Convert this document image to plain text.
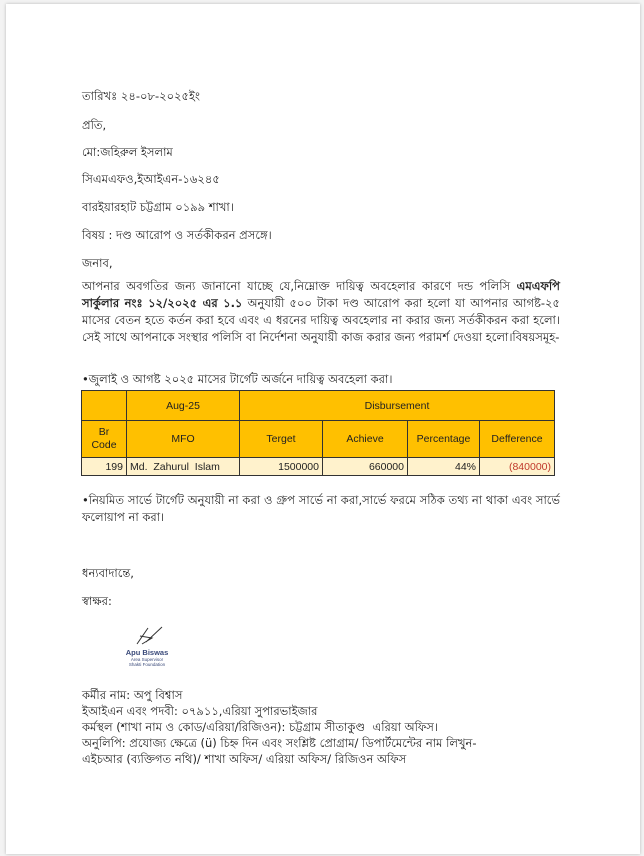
তারিখঃ ২৪-০৮-২০২৫ইং
প্রতি,
মো:জহিরুল ইসলাম
সিএমএফও,ইআইএন-১৬২৪৫
বারইয়ারহাট চট্টগ্রাম ০১৯৯ শাখা।
বিষয় : দণ্ড আরোপ ও সর্তকীকরন প্রসঙ্গে।
জনাব,
আপনার অবগতির জন্য জানানো যাচ্ছে যে,নিম্নোক্ত দায়িত্ব অবহেলার কারণে দন্ড পলিসি এমএফপি সার্কুলার নংঃ ১২/২০২৫ এর ১.১ অনুযায়ী ৫০০ টাকা দণ্ড আরোপ করা হলো যা আপনার আগষ্ট-২৫ মাসের বেতন হতে কর্তন করা হবে এবং এ ধরনের দায়িত্ব অবহেলার না করার জন্য সর্তকীকরন করা হলো।সেই সাথে আপনাকে সংস্থার পলিসি বা নির্দেশনা অনুযায়ী কাজ করার জন্য পরামর্শ দেওয়া হলো।বিষয়সমূহ-
•জুলাই ও আগষ্ট ২০২৫ মাসের টার্গেট অর্জনে দায়িত্ব অবহেলা করা।
	Aug-25	Disbursement			
Br Code	MFO	Terget	Achieve	Percentage	Defference
199	Md.  Zahurul  Islam	1500000	660000	44%	(840000)
•নিয়মিত সার্ভে টার্গেট অনুযায়ী না করা ও গ্রুপ সার্ভে না করা,সার্ভে ফরমে সঠিক তথ্য না থাকা এবং সার্ভে ফলোয়াপ না করা।
ধন্যবাদান্তে,
স্বাক্ষর:
Apu Biswas
Area Supervisor
Shakti Foundation
কর্মীর নাম: অপু বিশ্বাস
ইআইএন এবং পদবী: ০৭৯১১,এরিয়া সুপারভাইজার
কর্মস্থল (শাখা নাম ও কোড/এরিয়া/রিজিওন): চট্টগ্রাম সীতাকুণ্ড  এরিয়া অফিস।
অনুলিপি: প্রযোজ্য ক্ষেত্রে (ü) চিহ্ন দিন এবং সংশ্লিষ্ট প্রোগ্রাম/ ডিপার্টমেন্টের নাম লিখুন-
এইচআর (ব্যক্তিগত নথি)/ শাখা অফিস/ এরিয়া অফিস/ রিজিওন অফিস
